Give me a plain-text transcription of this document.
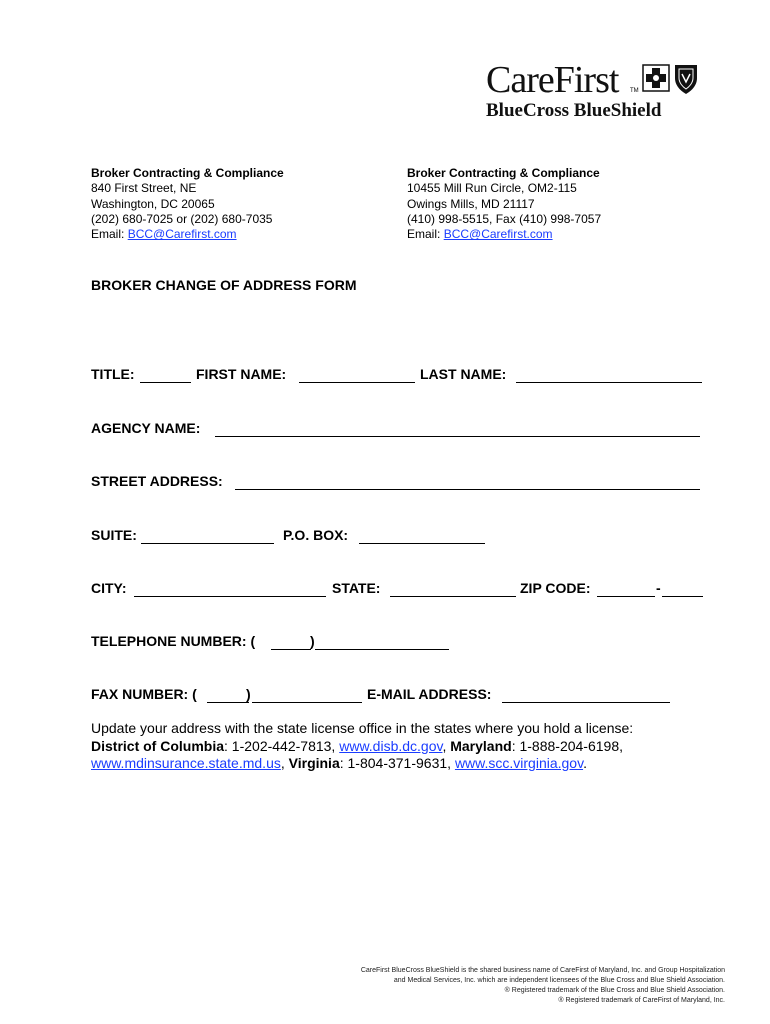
CareFirst TM
BlueCross BlueShield
Broker Contracting & Compliance
840 First Street, NE
Washington, DC 20065
(202) 680-7025 or (202) 680-7035
Email: BCC@Carefirst.com
Broker Contracting & Compliance
10455 Mill Run Circle, OM2-115
Owings Mills, MD 21117
(410) 998-5515, Fax (410) 998-7057
Email: BCC@Carefirst.com
BROKER CHANGE OF ADDRESS FORM
TITLE:	FIRST NAME:	LAST NAME:
AGENCY NAME:
STREET ADDRESS:
SUITE:	P.O. BOX:
CITY:	STATE:	ZIP CODE:	-
TELEPHONE NUMBER: (	)
FAX NUMBER: (	)	E-MAIL ADDRESS:
Update your address with the state license office in the states where you hold a license:
District of Columbia: 1-202-442-7813, www.disb.dc.gov, Maryland: 1-888-204-6198,
www.mdinsurance.state.md.us, Virginia: 1-804-371-9631, www.scc.virginia.gov.
CareFirst BlueCross BlueShield is the shared business name of CareFirst of Maryland, Inc. and Group Hospitalization
and Medical Services, Inc. which are independent licensees of the Blue Cross and Blue Shield Association.
® Registered trademark of the Blue Cross and Blue Shield Association.
® Registered trademark of CareFirst of Maryland, Inc.
